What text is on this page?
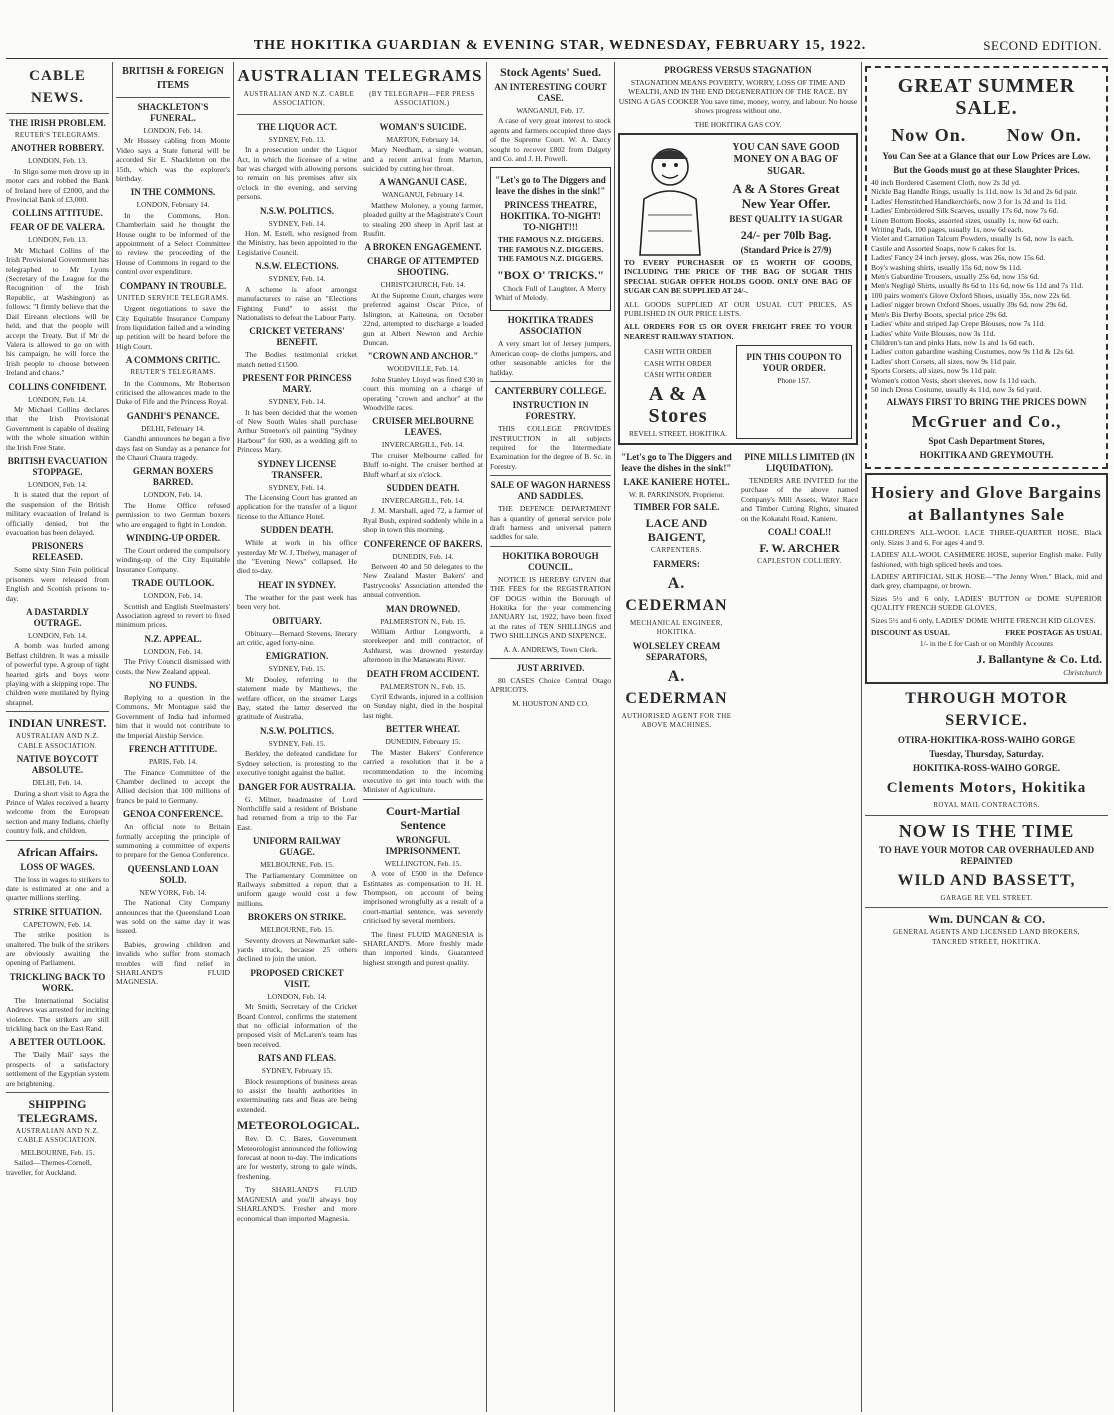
THE HOKITIKA GUARDIAN & EVENING STAR, WEDNESDAY, FEBRUARY 15, 1922.	SECOND EDITION.
CABLE NEWS.
THE IRISH PROBLEM.
REUTER'S TELEGRAMS.
ANOTHER ROBBERY.
LONDON, Feb. 13.

In Sligo some men drove up in motor cars and robbed the Bank of Ireland here of £2000, and the Provincial Bank of £3,000.

COLLINS ATTITUDE.
FEAR OF DE VALERA.
LONDON, Feb. 13.

Mr Michael Collins of the Irish Provisional Government has telegraphed to Mr Lyons (Secretary of the League for the Recognition of the Irish Republic, at Washington) as follows: "I firmly believe that the Dail Eireann elections will be held, and that the people will accept the Treaty. But if Mr de Valera is allowed to go on with his campaign, he will force the Irish people to choose between Ireland and chaos."

COLLINS CONFIDENT.
LONDON, Feb. 14.

Mr Michael Collins declares that the Irish Provisional Government is capable of dealing with the whole situation within the Irish Free State.

BRITISH EVACUATION STOPPAGE.
LONDON, Feb. 14.

It is stated that the report of the suspension of the British military evacuation of Ireland is officially denied, but the evacuation has been delayed.

PRISONERS RELEASED.

Some sixty Sinn Fein political prisoners were released from English and Scottish prisons to-day.

A DASTARDLY OUTRAGE.
LONDON, Feb. 14.

A bomb was hurled among Belfast children. It was a missile of powerful type. A group of tight hearted girls and boys were playing with a skipping rope. The children were mutilated by flying shrapnel.

INDIAN UNREST.
AUSTRALIAN AND N.Z. CABLE ASSOCIATION.
NATIVE BOYCOTT ABSOLUTE.
DELHI, Feb. 14.

During a short visit to Agra the Prince of Wales received a hearty welcome from the European section and many Indians, chiefly country folk, and children.

African Affairs.
LOSS OF WAGES.

The loss in wages to strikers to date is estimated at one and a quarter millions sterling.

STRIKE SITUATION.
CAPETOWN, Feb. 14.

The strike position is unaltered. The bulk of the strikers are obviously awaiting the opening of Parliament.

TRICKLING BACK TO WORK.

The International Socialist Andrews was arrested for inciting violence. The strikers are still trickling back on the East Rand.

A BETTER OUTLOOK.

The 'Daily Mail' says the prospects of a satisfactory settlement of the Egyptian system are brightening.

SHIPPING TELEGRAMS.
AUSTRALIAN AND N.Z. CABLE ASSOCIATION.
MELBOURNE, Feb. 15.

Sailed—Themes-Cornell, traveller, for Auckland.

BRITISH & FOREIGN ITEMS
SHACKLETON'S FUNERAL.
LONDON, Feb. 14.

Mr Hussey cabling from Monte Video says a State funeral will be accorded Sir E. Shackleton on the 15th, which was the explorer's birthday.

IN THE COMMONS.
LONDON, February 14.

In the Commons, Hon. Chamberlain said he thought the House ought to be informed of the appointment of a Select Committee to review the proceeding of the House of Commons in regard to the control over expenditure.

COMPANY IN TROUBLE.
UNITED SERVICE TELEGRAMS.

Urgent negotiations to save the City Equitable Insurance Company from liquidation failed and a winding up petition will be heard before the High Court.

A COMMONS CRITIC.
REUTER'S TELEGRAMS.

In the Commons, Mr Robertson criticised the allowances made to the Duke of Fife and the Princess Royal.

GANDHI'S PENANCE.
DELHI, February 14.

Gandhi announces he began a five days fast on Sunday as a penance for the Chauri Chaura tragedy.

GERMAN BOXERS BARRED.
LONDON, Feb. 14.

The Home Office refused permission to two German boxers who are engaged to fight in London.

WINDING-UP ORDER.

The Court ordered the compulsory winding-up of the City Equitable Insurance Company.

TRADE OUTLOOK.
LONDON, Feb. 14.

Scottish and English Steelmasters' Association agreed to revert to fixed minimum prices.

N.Z. APPEAL.
LONDON, Feb. 14.

The Privy Council dismissed with costs, the New Zealand appeal.

NO FUNDS.

Replying to a question in the Commons, Mr Montague said the Government of India had informed him that it would not contribute to the Imperial Airship Service.

FRENCH ATTITUDE.
PARIS, Feb. 14.

The Finance Committee of the Chamber declined to accept the Allied decision that 100 millions of francs be paid to Germany.

GENOA CONFERENCE.

An official note to Britain formally accepting the principle of summoning a committee of experts to prepare for the Genoa Conference.

QUEENSLAND LOAN SOLD.
NEW YORK, Feb. 14.

The National City Company announces that the Queensland Loan was sold on the same day it was issued.

Babies, growing children and invalids who suffer from stomach troubles will find relief in SHARLAND'S FLUID MAGNESIA.

AUSTRALIAN TELEGRAMS
AUSTRALIAN AND N.Z. CABLE ASSOCIATION.
(BY TELEGRAPH—PER PRESS ASSOCIATION.)
THE LIQUOR ACT.
SYDNEY, Feb. 13.

In a prosecution under the Liquor Act, in which the licensee of a wine bar was charged with allowing persons to remain on his premises after six o'clock in the evening, and serving persons.

N.S.W. POLITICS.
SYDNEY, Feb. 14.

Hon. M. Estell, who resigned from the Ministry, has been appointed to the Legislative Council.

N.S.W. ELECTIONS.
SYDNEY, Feb. 14.

A scheme is afoot amongst manufacturers to raise an "Elections Fighting Fund" to assist the Nationalists to defeat the Labour Party.

CRICKET VETERANS' BENEFIT.

The Bodies testimonial cricket match netted £1500.

PRESENT FOR PRINCESS MARY.
SYDNEY, Feb. 14.

It has been decided that the women of New South Wales shall purchase Arthur Streeton's oil painting "Sydney Harbour" for 600, as a wedding gift to Princess Mary.

SYDNEY LICENSE TRANSFER.
SYDNEY, Feb. 14.

The Licensing Court has granted an application for the transfer of a liquor license to the Alliance Hotel.

SUDDEN DEATH.

While at work in his office yesterday Mr W. J. Thelwy, manager of the "Evening News" collapsed. He died to-day.

HEAT IN SYDNEY.

The weather for the past week has been very hot.

OBITUARY.

Obituary—Bernard Stevens, literary art critic, aged forty-nine.

EMIGRATION.
SYDNEY, Feb. 15.

Mr Dooley, referring to the statement made by Matthews, the welfare officer, on the steamer Largs Bay, stated the latter deserved the gratitude of Australia.

N.S.W. POLITICS.
SYDNEY, Feb. 15.

Berkley, the defeated candidate for Sydney selection, is protesting to the executive tonight against the ballot.

DANGER FOR AUSTRALIA.

G. Milner, headmaster of Lord Northcliffe said a resident of Brisbane had returned from a trip to the Far East.

UNIFORM RAILWAY GUAGE.
MELBOURNE, Feb. 15.

The Parliamentary Committee on Railways submitted a report that a uniform gauge would cost a few millions.

BROKERS ON STRIKE.
MELBOURNE, Feb. 15.

Seventy drovers at Newmarket sale-yards struck, because 25 others declined to join the union.

PROPOSED CRICKET VISIT.
LONDON, Feb. 14.

Mr Smith, Secretary of the Cricket Board Control, confirms the statement that no official information of the proposed visit of McLaren's team has been received.

RATS AND FLEAS.
SYDNEY, February 15.

Block resumptions of business areas to assist the health authorities in exterminating rats and fleas are being extended.

METEOROLOGICAL.

Rev. D. C. Bates, Government Meteorologist announced the following forecast at noon to-day. The indications are for westerly, strong to gale winds, freshening.

Try SHARLAND'S FLUID MAGNESIA and you'll always buy SHARLAND'S. Fresher and more economical than imported Magnesia.

WOMAN'S SUICIDE.
MARTON, February 14.

Mary Needham, a single woman, and a recent arrival from Marton, suicided by cutting her throat.

A WANGANUI CASE.
WANGANUI, February 14.

Matthew Moloney, a young farmer, pleaded guilty at the Magistrate's Court to stealing 200 sheep in April last at Rusfitt.

A BROKEN ENGAGEMENT.
CHARGE OF ATTEMPTED SHOOTING.
CHRISTCHURCH, Feb. 14.

At the Supreme Court, charges were preferred against Oscar Price, of Islington, at Kaiteuna, on October 22nd, attempted to discharge a loaded gun at Albert Newton and Archie Duncan.

"CROWN AND ANCHOR."
WOODVILLE, Feb. 14.

John Stanley Lloyd was fined £30 in court this morning on a charge of operating "crown and anchor" at the Woodville races.

CRUISER MELBOURNE LEAVES.
INVERCARGILL, Feb. 14.

The cruiser Melbourne called for Bluff to-night. The cruiser berthed at Bluff wharf at six o'clock.

SUDDEN DEATH.
INVERCARGILL, Feb. 14.

J. M. Marshall, aged 72, a farmer of Ryal Bush, expired suddenly while in a shop in town this morning.

CONFERENCE OF BAKERS.
DUNEDIN, Feb. 14.

Between 40 and 50 delegates to the New Zealand Master Bakers' and Pastrycooks' Association attended the annual convention.

MAN DROWNED.
PALMERSTON N., Feb. 15.

William Arthur Longworth, a storekeeper and mill contractor, of Ashhurst, was drowned yesterday afternoon in the Manawatu River.

DEATH FROM ACCIDENT.
PALMERSTON N., Feb. 15.

Cyril Edwards, injured in a collision on Sunday night, died in the hospital last night.

BETTER WHEAT.
DUNEDIN, February 15.

The Master Bakers' Conference carried a resolution that it be a recommendation to the incoming executive to get into touch with the Minister of Agriculture.

Court-Martial Sentence
WRONGFUL IMPRISONMENT.
WELLINGTON, Feb. 15.

A vote of £500 in the Defence Estimates as compensation to H. H. Thompson, on account of being imprisoned wrongfully as a result of a court-martial sentence, was severely criticised by several members.

The finest FLUID MAGNESIA is SHARLAND'S. More freshly made than imported kinds. Guaranteed highest strength and purest quality.

Stock Agents' Sued.
AN INTERESTING COURT CASE.
WANGANUI, Feb. 17.

A case of very great interest to stock agents and farmers occupied three days of the Supreme Court. W. A. Darcy sought to recover £802 from Dalgety and Co. and J. H. Powell.

"Let's go to The Diggers and leave the dishes in the sink!"
PRINCESS THEATRE, HOKITIKA. TO-NIGHT! TO-NIGHT!!!

THE FAMOUS N.Z. DIGGERS. THE FAMOUS N.Z. DIGGERS. THE FAMOUS N.Z. DIGGERS.

"BOX O' TRICKS."

Chock Full of Laughter, A Merry Whirl of Melody.

HOKITIKA TRADES ASSOCIATION

A very smart lot of Jersey jumpers, American coup- de cloths jumpers, and other seasonable articles for the hallday.

CANTERBURY COLLEGE.
INSTRUCTION IN FORESTRY.

THIS COLLEGE PROVIDES INSTRUCTION in all subjects required for the Intermediate Examination for the degree of B. Sc. in Forestry.

SALE OF WAGON HARNESS AND SADDLES.

THE DEFENCE DEPARTMENT has a quantity of general service pole draft harness and universal pattern saddles for sale.

HOKITIKA BOROUGH COUNCIL.

NOTICE IS HEREBY GIVEN that THE FEES for the REGISTRATION OF DOGS within the Borough of Hokitika for the year commencing JANUARY 1st, 1922, have been fixed at the rates of TEN SHILLINGS and TWO SHILLINGS AND SIXPENCE.

A. A. ANDREWS, Town Clerk.
JUST ARRIVED.

80 CASES Choice Central Otago APRICOTS.

M. HOUSTON AND CO.
PROGRESS VERSUS STAGNATION

STAGNATION MEANS POVERTY, WORRY, LOSS OF TIME AND WEALTH, AND IN THE END DEGENERATION OF THE RACE. BY USING A GAS COOKER You save time, money, worry, and labour. No house shows progress without one.

THE HOKITIKA GAS COY.
YOU CAN SAVE GOOD MONEY ON A BAG OF SUGAR.
A & A Stores Great New Year Offer.
BEST QUALITY 1A SUGAR
24/- per 70lb Bag.
(Standard Price is 27/9)

TO EVERY PURCHASER OF £5 WORTH OF GOODS, INCLUDING THE PRICE OF THE BAG OF SUGAR THIS SPECIAL SUGAR OFFER HOLDS GOOD. ONLY ONE BAG OF SUGAR CAN BE SUPPLIED AT 24/-.

ALL GOODS SUPPLIED AT OUR USUAL CUT PRICES, AS PUBLISHED IN OUR PRICE LISTS.

ALL ORDERS FOR £5 OR OVER FREIGHT FREE TO YOUR NEAREST RAILWAY STATION.

CASH WITH ORDER
CASH WITH ORDER
CASH WITH ORDER
A & A Stores
REVELL STREET, HOKITIKA.
PIN THIS COUPON TO YOUR ORDER.
Phone 157.
"Let's go to The Diggers and leave the dishes in the sink!"
LAKE KANIERE HOTEL.
W. R. PARKINSON, Proprietor.
TIMBER FOR SALE.
LACE AND BAIGENT,
CARPENTERS.
FARMERS:
A. CEDERMAN
MECHANICAL ENGINEER, HOKITIKA.
WOLSELEY CREAM SEPARATORS,
A. CEDERMAN
AUTHORISED AGENT FOR THE ABOVE MACHINES.
PINE MILLS LIMITED (IN LIQUIDATION).

TENDERS ARE INVITED for the purchase of the above named Company's Mill Assets, Water Race and Timber Cutting Rights, situated on the Kokatahi Road, Kaniere.

COAL! COAL!!
F. W. ARCHER
CAPLESTON COLLIERY.
GREAT SUMMER SALE.
Now On. Now On.
You Can See at a Glance that our Low Prices are Low.
But the Goods must go at these Slaughter Prices.
40 inch Bordered Casement Cloth, now 2s 3d yd.
Nickle Bag Handle Rings, usually 1s 11d, now 1s 3d and 2s 6d pair.
Ladies' Hemstitched Handkerchiefs, now 3 for 1s 3d and 1s 11d.
Ladies' Embroidered Silk Scarves, usually 17s 6d, now 7s 6d.
Linen Bottom Books, assorted sizes, usually 1s, now 6d each.
Writing Pads, 100 pages, usually 1s, now 6d each.
Violet and Carnation Talcum Powders, usually 1s 6d, now 1s each.
Castile and Assorted Soaps, now 6 cakes for 1s.
Ladies' Fancy 24 inch jersey, gloss, was 26s, now 15s 6d.
Boy's washing shirts, usually 15s 6d, now 9s 11d.
Men's Gabardine Trousers, usually 25s 6d, now 15s 6d.
Men's Negligé Shirts, usually 8s 6d to 11s 6d, now 6s 11d and 7s 11d.
100 pairs women's Glove Oxford Shoes, usually 35s, now 22s 6d.
Ladies' nigger brown Oxford Shoes, usually 39s 6d, now 29s 6d.
Men's Bis Derby Boots, special price 29s 6d.
Ladies' white and striped Jap Crepe Blouses, now 7s 11d.
Ladies' white Voile Blouses, now 3s 11d.
Children's tan and pinks Hats, now 1s and 1s 6d each.
Ladies' cotton gabardine washing Costumes, now 9s 11d & 12s 6d.
Ladies' short Corsets, all sizes, now 9s 11d pair.
Sports Corsets, all sizes, now 9s 11d pair.
Women's cotton Vests, short sleeves, now 1s 11d each.
50 inch Dress Costume, usually 4s 11d, now 3s 6d yard.
ALWAYS FIRST TO BRING THE PRICES DOWN
McGruer and Co.,
Spot Cash Department Stores,
HOKITIKA AND GREYMOUTH.
Hosiery and Glove Bargains at Ballantynes Sale
CHILDREN'S ALL-WOOL LACE THREE-QUARTER HOSE. Black only. Sizes 3 and 6. For ages 4 and 9.
LADIES' ALL-WOOL CASHMERE HOSE, superior English make. Fully fashioned, with high spliced heels and toes.
LADIES' ARTIFICIAL SILK HOSE—"The Jenny Wren." Black, mid and dark grey, champagne, or brown.
Sizes 5½ and 6 only, LADIES' BUTTON or DOME SUPERIOR QUALITY FRENCH SUEDE GLOVES.
Sizes 5½ and 6 only, LADIES' DOME WHITE FRENCH KID GLOVES.
DISCOUNT AS USUAL	FREE POSTAGE AS USUAL
1/- in the £ for Cash or on Monthly Accounts
J. Ballantyne & Co. Ltd.
Christchurch
THROUGH MOTOR SERVICE.
OTIRA-HOKITIKA-ROSS-WAIHO GORGE
Tuesday, Thursday, Saturday.
HOKITIKA-ROSS-WAIHO GORGE.
Clements Motors, Hokitika
ROYAL MAIL CONTRACTORS.
NOW IS THE TIME
TO HAVE YOUR MOTOR CAR OVERHAULED AND REPAINTED
WILD AND BASSETT,
GARAGE RE VEL STREET.
Wm. DUNCAN & CO.
GENERAL AGENTS AND LICENSED LAND BROKERS,
TANCRED STREET, HOKITIKA.
